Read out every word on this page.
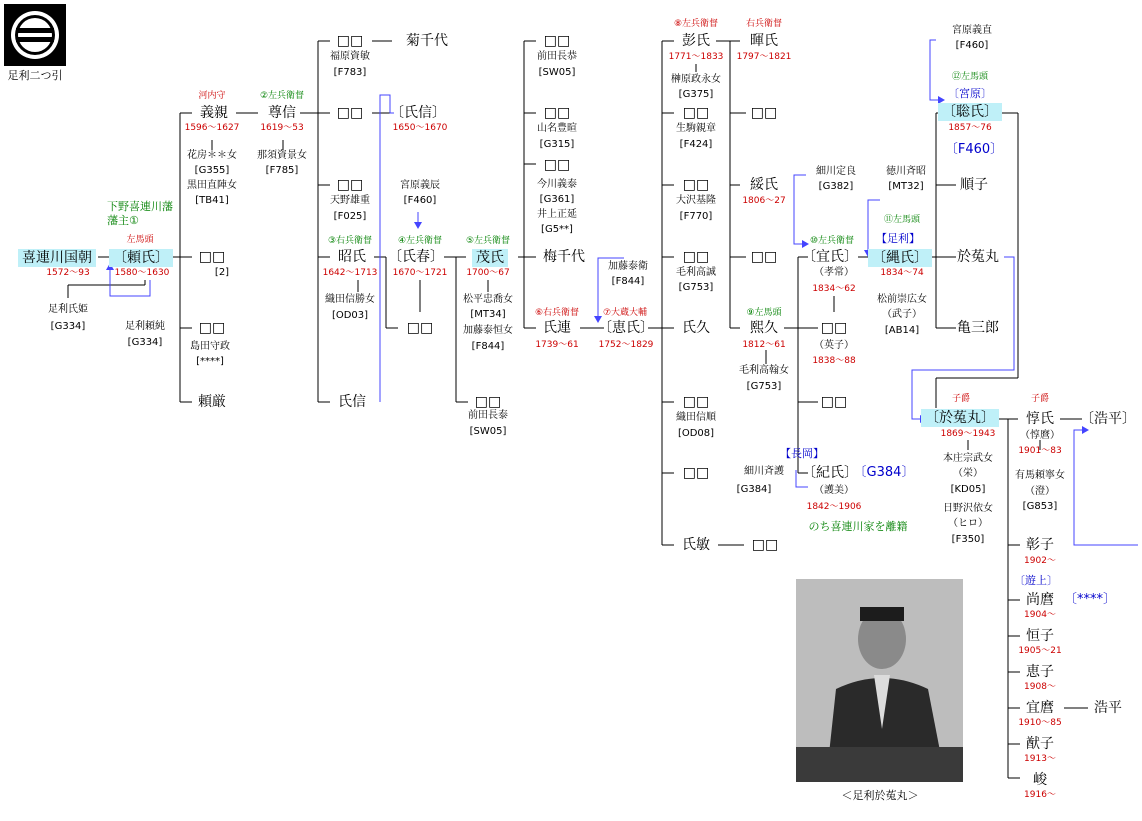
足利二つ引
＜足利於菟丸＞
喜連川国朝
1572〜93
足利氏姫
[G334]
下野喜連川藩
藩主①
左馬頭
〔頼氏〕
1580〜1630
足利頼純
[G334]
河内守
義親
1596〜1627
花房＊＊女
[G355]
黒田直陣女
[TB41]
□□
[2]
□□
島田守政
[****]
頼厳
②左兵衛督
尊信
1619〜53
那須資景女
[F785]
□□
福原資敏
[F783]
□□
□□
天野雄重
[F025]
③右兵衛督
昭氏
1642〜1713
織田信勝女
[OD03]
氏信
菊千代
〔氏信〕
1650〜1670
宮原義辰
[F460]
④左兵衛督
〔氏春〕
1670〜1721
□□
⑤左兵衛督
茂氏
1700〜67
松平忠喬女
[MT34]
加藤泰恒女
[F844]
□□
前田長泰
[SW05]
□□
前田長恭
[SW05]
□□
山名豊暄
[G315]
□□
今川義泰
[G361]
井上正延
[G5**]
梅千代
⑥右兵衛督
氏連
1739〜61
加藤泰衛
[F844]
⑦大蔵大輔
〔恵氏〕
1752〜1829
⑧左兵衛督
彭氏
1771〜1833
榊原政永女
[G375]
□□
生駒親章
[F424]
□□
大沢基隆
[F770]
□□
毛利高誠
[G753]
氏久
□□
織田信順
[OD08]
□□
氏敏	□□
右兵衛督
暉氏
1797〜1821
□□
綏氏
1806〜27
□□
⑨左馬頭
熙久
1812〜61
毛利高翰女
[G753]
細川斉護
[G384]
細川定良
[G382]
⑩左兵衛督
〔宜氏〕
（孝常）
1834〜62
□□
（英子）
1838〜88
□□
【長岡】
〔紀氏〕
〔G384〕
（護美）
1842〜1906
のち喜連川家を離籍
徳川斉昭
[MT32]
⑪左馬頭
【足利】
〔縄氏〕
1834〜74
松前崇広女
（武子）
[AB14]
宮原義直
[F460]
⑫左馬頭
〔宮原〕
〔聡氏〕
1857〜76
〔F460〕
順子
於菟丸
亀三郎
子爵
〔於菟丸〕
1869〜1943
本庄宗武女
（栄）
[KD05]
日野沢依女
（ヒロ）
[F350]
子爵
惇氏
（惇麿）
1901〜83
有馬頼寧女
（澄）
[G853]
〔浩平〕
彰子
1902〜
〔遊上〕
尚麿 〔****〕
1904〜
恒子
1905〜21
恵子
1908〜
宜麿
1910〜85
浩平
猷子
1913〜
峻
1916〜
